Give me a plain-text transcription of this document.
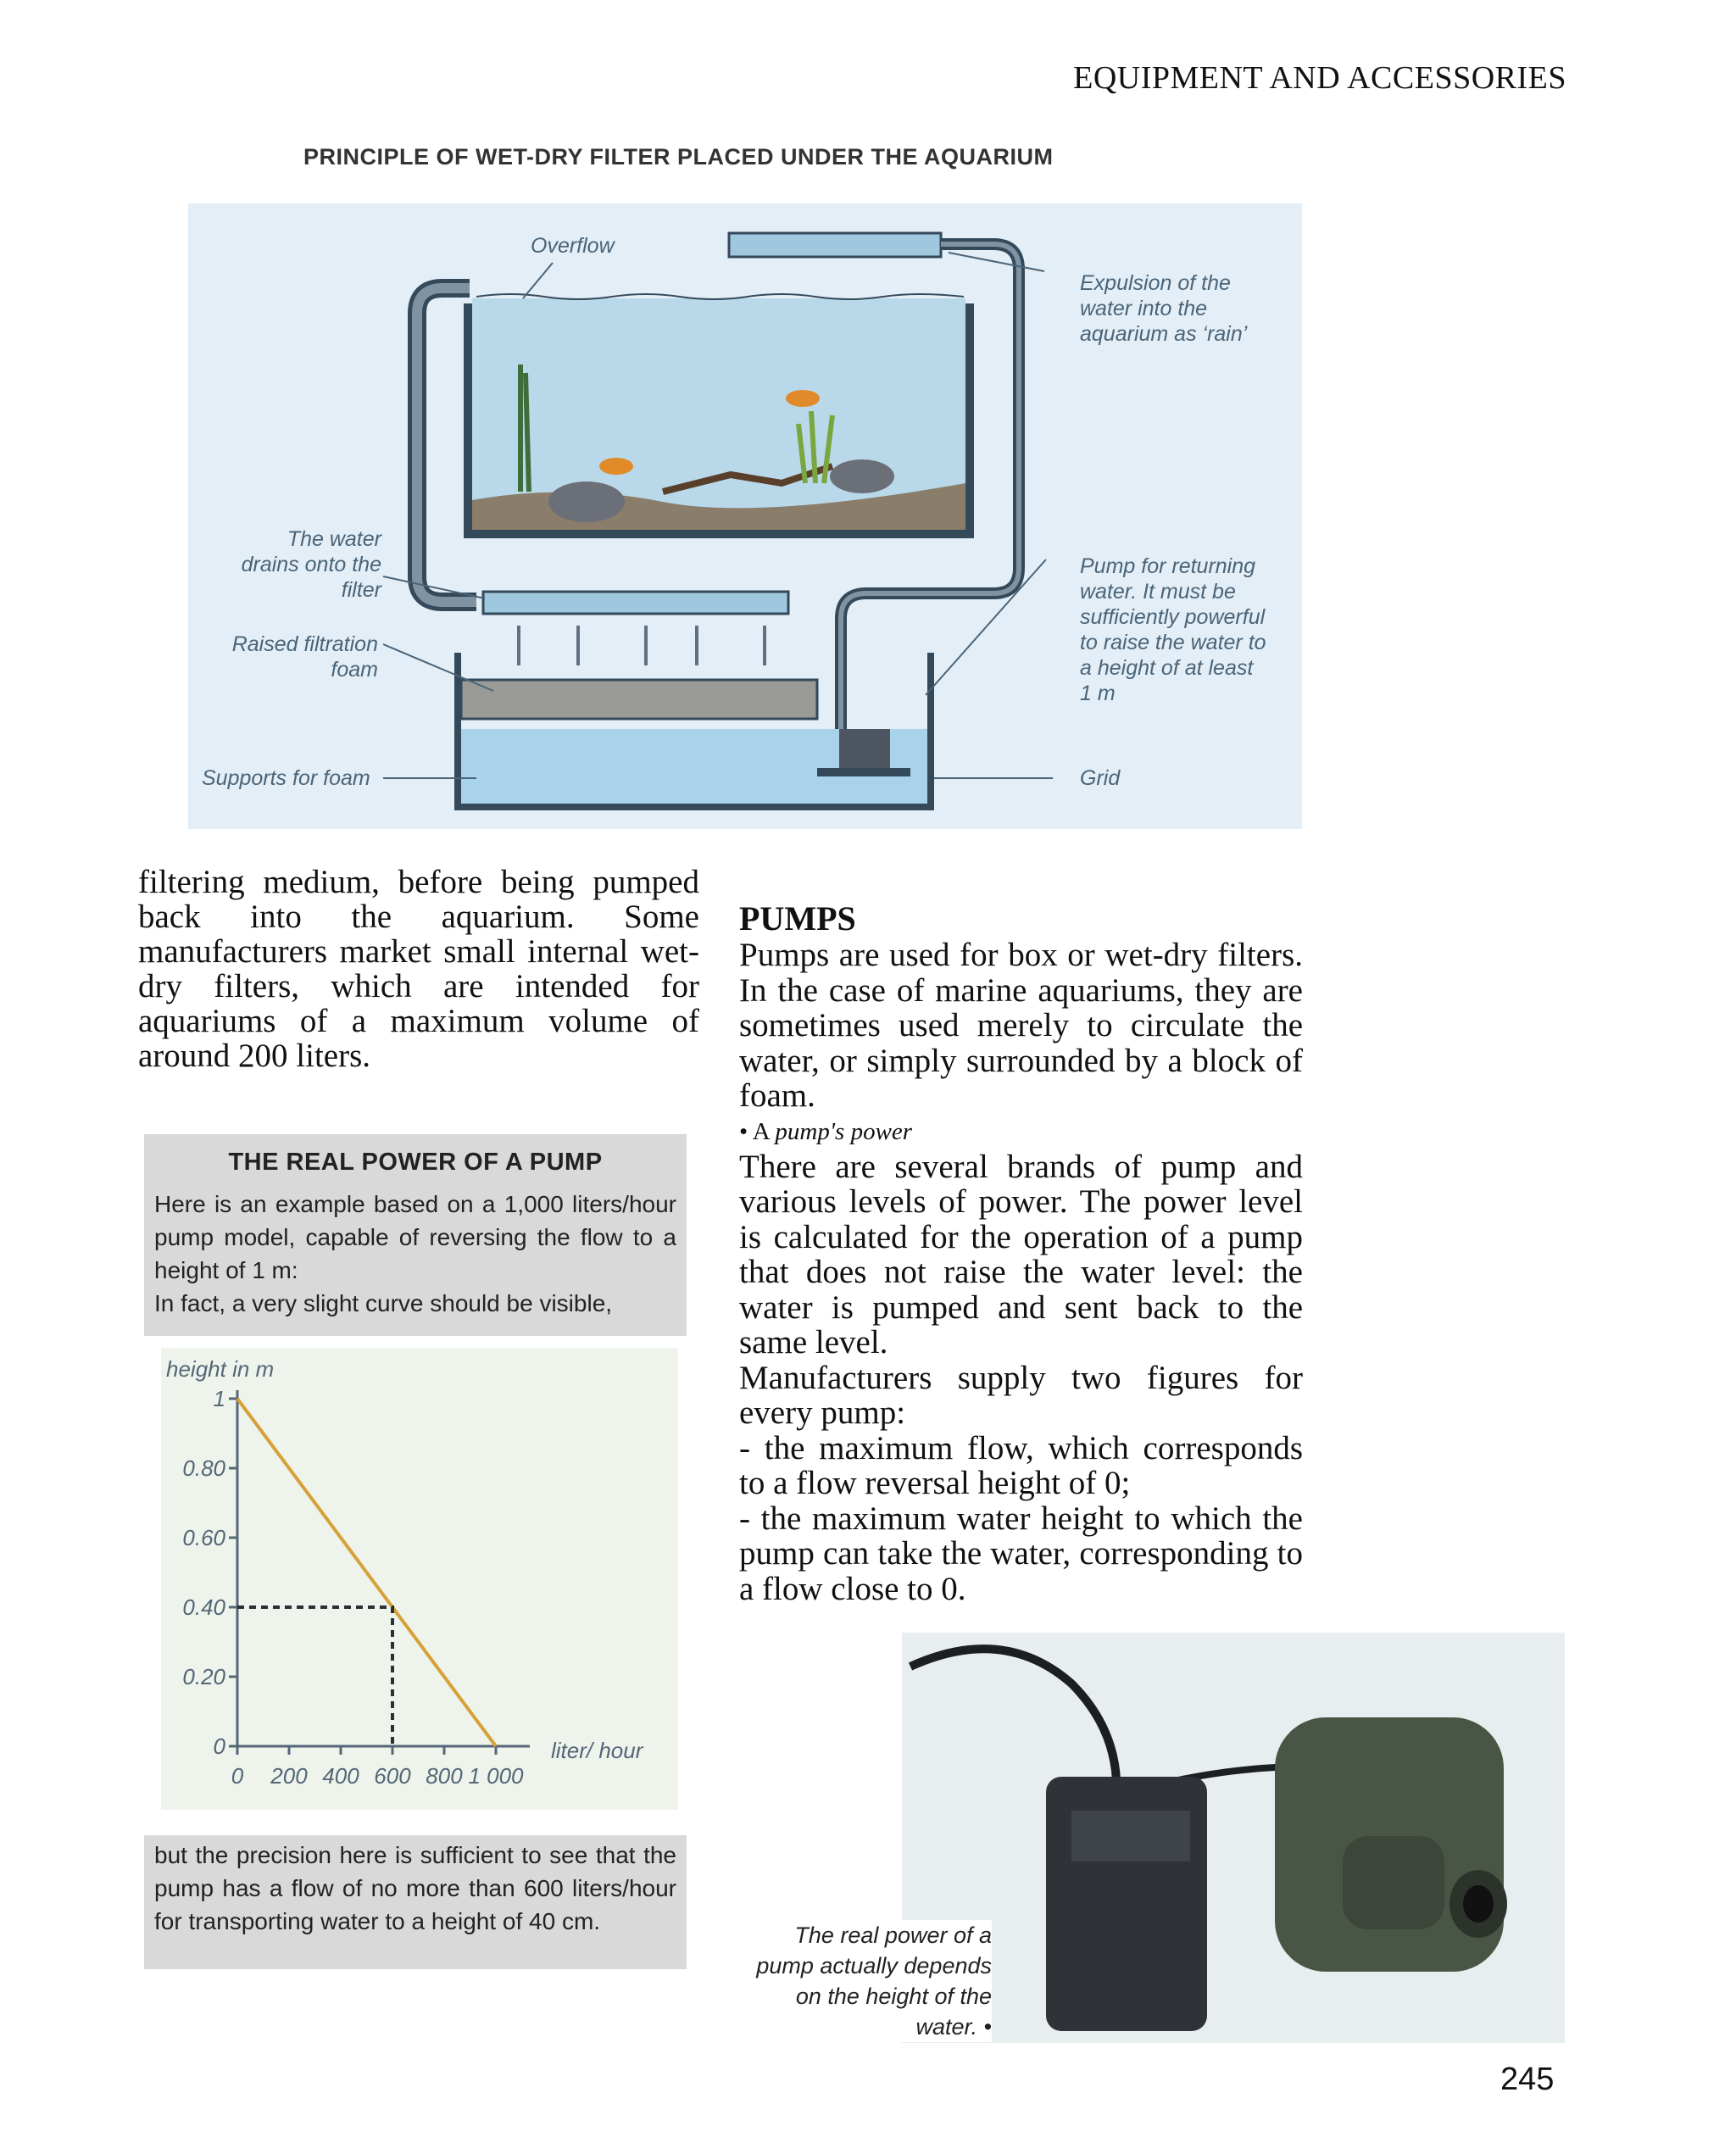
EQUIPMENT AND ACCESSORIES
PRINCIPLE OF WET-DRY FILTER PLACED UNDER THE AQUARIUM
Overflow
Expulsion of the
water into the
aquarium as ‘rain’
The water
drains onto the
filter
Raised filtration
foam
Pump for returning
water. It must be
sufficiently powerful
to raise the water to
a height of at least
1 m
Supports for foam	Grid
filtering medium, before being pumped back into the aquarium. Some manufacturers market small internal wet-dry filters, which are intended for aquariums of a maximum volume of around 200 liters.
THE REAL POWER OF A PUMP

Here is an example based on a 1,000 liters/hour pump model, capable of reversing the flow to a height of 1 m:

In fact, a very slight curve should be visible,

height in m
0 200 400 600 800 1 000
0
0.20
0.40
0.60
0.80
1
liter/ hour
but the precision here is sufficient to see that the pump has a flow of no more than 600 liters/hour for transporting water to a height of 40 cm.
PUMPS

Pumps are used for box or wet-dry filters. In the case of marine aquariums, they are sometimes used merely to circulate the water, or simply surrounded by a block of foam.

• A pump's power

There are several brands of pump and various levels of power. The power level is calculated for the operation of a pump that does not raise the water level: the water is pumped and sent back to the same level.

Manufacturers supply two figures for every pump:

- the maximum flow, which corresponds to a flow reversal height of 0;

- the maximum water height to which the pump can take the water, corresponding to a flow close to 0.

The real power of a pump actually depends on the height of the water. •
245
